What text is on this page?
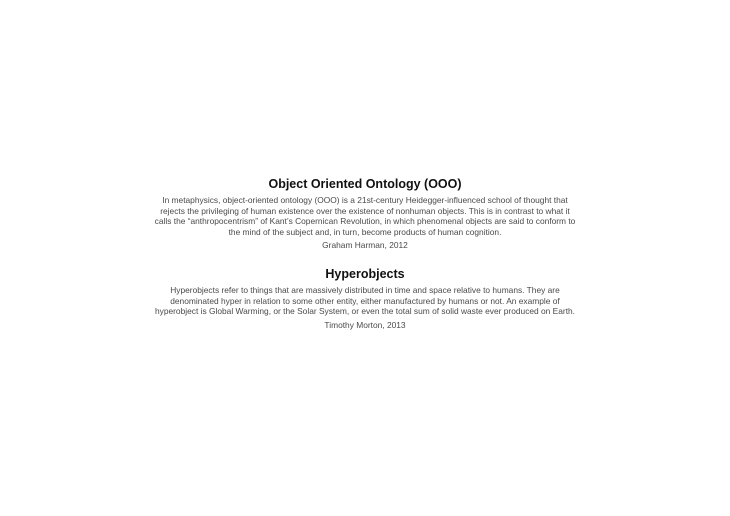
Object Oriented Ontology (OOO)
In metaphysics, object-oriented ontology (OOO) is a 21st-century Heidegger-influenced school of thought that
rejects the privileging of human existence over the existence of nonhuman objects. This is in contrast to what it
calls the “anthropocentrism” of Kant’s Copernican Revolution, in which phenomenal objects are said to conform to
the mind of the subject and, in turn, become products of human cognition.
Graham Harman, 2012
Hyperobjects
Hyperobjects refer to things that are massively distributed in time and space relative to humans. They are
denominated hyper in relation to some other entity, either manufactured by humans or not. An example of
hyperobject is Global Warming, or the Solar System, or even the total sum of solid waste ever produced on Earth.
Timothy Morton, 2013
